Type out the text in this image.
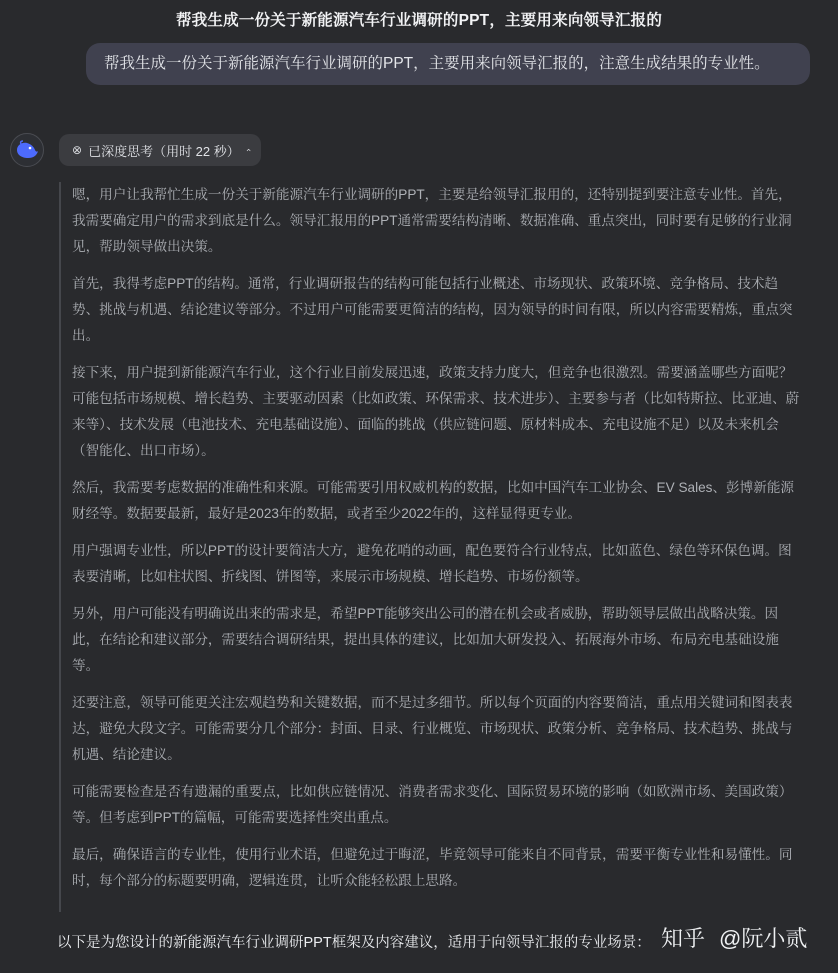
帮我生成一份关于新能源汽车行业调研的PPT，主要用来向领导汇报的
帮我生成一份关于新能源汽车行业调研的PPT，主要用来向领导汇报的，注意生成结果的专业性。
⊗ 已深度思考（用时 22 秒）

嗯，用户让我帮忙生成一份关于新能源汽车行业调研的PPT，主要是给领导汇报用的，还特别提到要注意专业性。首先，我需要确定用户的需求到底是什么。领导汇报用的PPT通常需要结构清晰、数据准确、重点突出，同时要有足够的行业洞见，帮助领导做出决策。

首先，我得考虑PPT的结构。通常，行业调研报告的结构可能包括行业概述、市场现状、政策环境、竞争格局、技术趋势、挑战与机遇、结论建议等部分。不过用户可能需要更简洁的结构，因为领导的时间有限，所以内容需要精炼，重点突出。

接下来，用户提到新能源汽车行业，这个行业目前发展迅速，政策支持力度大，但竞争也很激烈。需要涵盖哪些方面呢？可能包括市场规模、增长趋势、主要驱动因素（比如政策、环保需求、技术进步）、主要参与者（比如特斯拉、比亚迪、蔚来等）、技术发展（电池技术、充电基础设施）、面临的挑战（供应链问题、原材料成本、充电设施不足）以及未来机会（智能化、出口市场）。

然后，我需要考虑数据的准确性和来源。可能需要引用权威机构的数据，比如中国汽车工业协会、EV Sales、彭博新能源财经等。数据要最新，最好是2023年的数据，或者至少2022年的，这样显得更专业。

用户强调专业性，所以PPT的设计要简洁大方，避免花哨的动画，配色要符合行业特点，比如蓝色、绿色等环保色调。图表要清晰，比如柱状图、折线图、饼图等，来展示市场规模、增长趋势、市场份额等。

另外，用户可能没有明确说出来的需求是，希望PPT能够突出公司的潜在机会或者威胁，帮助领导层做出战略决策。因此，在结论和建议部分，需要结合调研结果，提出具体的建议，比如加大研发投入、拓展海外市场、布局充电基础设施等。

还要注意，领导可能更关注宏观趋势和关键数据，而不是过多细节。所以每个页面的内容要简洁，重点用关键词和图表表达，避免大段文字。可能需要分几个部分：封面、目录、行业概览、市场现状、政策分析、竞争格局、技术趋势、挑战与机遇、结论建议。

可能需要检查是否有遗漏的重要点，比如供应链情况、消费者需求变化、国际贸易环境的影响（如欧洲市场、美国政策）等。但考虑到PPT的篇幅，可能需要选择性突出重点。

最后，确保语言的专业性，使用行业术语，但避免过于晦涩，毕竟领导可能来自不同背景，需要平衡专业性和易懂性。同时，每个部分的标题要明确，逻辑连贯，让听众能轻松跟上思路。

以下是为您设计的新能源汽车行业调研PPT框架及内容建议，适用于向领导汇报的专业场景： 知乎 @阮小贰
